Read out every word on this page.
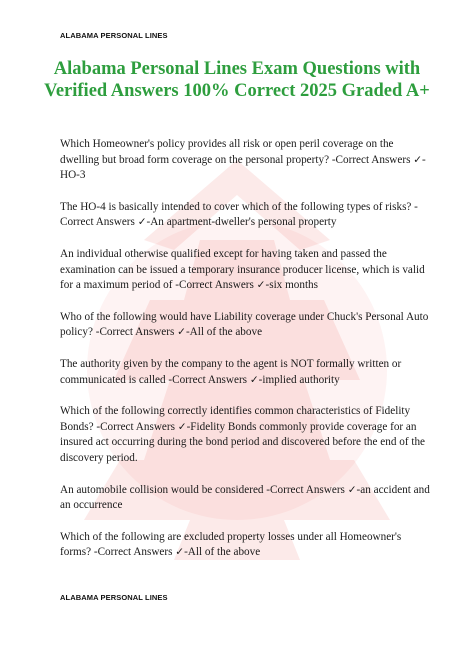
ALABAMA PERSONAL LINES
Alabama Personal Lines Exam Questions with Verified Answers 100% Correct 2025 Graded A+

Which Homeowner's policy provides all risk or open peril coverage on the dwelling but broad form coverage on the personal property? -Correct Answers ✓-HO-3

The HO-4 is basically intended to cover which of the following types of risks? -Correct Answers ✓-An apartment-dweller's personal property

An individual otherwise qualified except for having taken and passed the examination can be issued a temporary insurance producer license, which is valid for a maximum period of -Correct Answers ✓-six months

Who of the following would have Liability coverage under Chuck's Personal Auto policy? -Correct Answers ✓-All of the above

The authority given by the company to the agent is NOT formally written or communicated is called -Correct Answers ✓-implied authority

Which of the following correctly identifies common characteristics of Fidelity Bonds? -Correct Answers ✓-Fidelity Bonds commonly provide coverage for an insured act occurring during the bond period and discovered before the end of the discovery period.

An automobile collision would be considered -Correct Answers ✓-an accident and an occurrence

Which of the following are excluded property losses under all Homeowner's forms? -Correct Answers ✓-All of the above

ALABAMA PERSONAL LINES
